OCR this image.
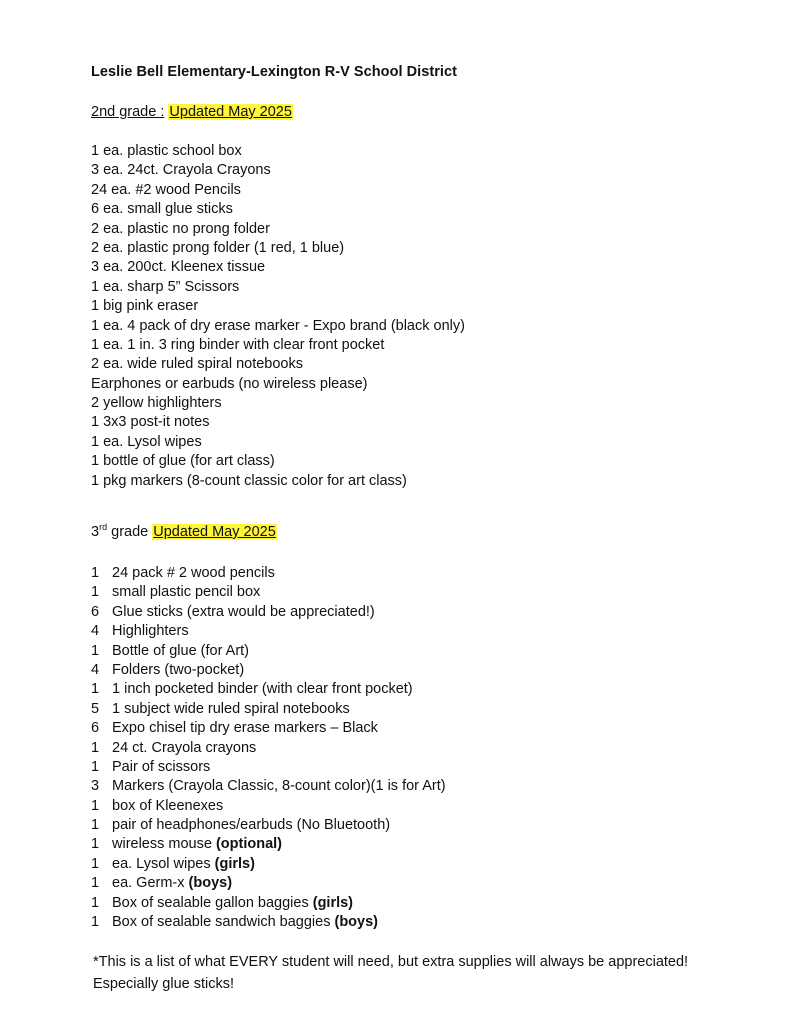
Leslie Bell Elementary-Lexington R-V School District
2nd grade : Updated May 2025
1 ea. plastic school box
3 ea. 24ct. Crayola Crayons
24 ea. #2 wood Pencils
6 ea. small glue sticks
2 ea. plastic no prong folder
2 ea. plastic prong folder (1 red, 1 blue)
3 ea. 200ct. Kleenex tissue
1 ea. sharp 5” Scissors
1 big pink eraser
1 ea. 4 pack of dry erase marker - Expo brand (black only)
1 ea. 1 in. 3 ring binder with clear front pocket
2 ea. wide ruled spiral notebooks
Earphones or earbuds (no wireless please)
2 yellow highlighters
1 3x3 post-it notes
1 ea. Lysol wipes
1 bottle of glue (for art class)
1 pkg markers (8-count classic color for art class)
3rd grade Updated May 2025
1 24 pack # 2 wood pencils
1 small plastic pencil box
6 Glue sticks (extra would be appreciated!)
4 Highlighters
1 Bottle of glue (for Art)
4 Folders (two-pocket)
1 1 inch pocketed binder (with clear front pocket)
5 1 subject wide ruled spiral notebooks
6 Expo chisel tip dry erase markers – Black
1 24 ct. Crayola crayons
1 Pair of scissors
3 Markers (Crayola Classic, 8-count color)(1 is for Art)
1 box of Kleenexes
1 pair of headphones/earbuds (No Bluetooth)
1 wireless mouse (optional)
1 ea. Lysol wipes (girls)
1 ea. Germ-x (boys)
1 Box of sealable gallon baggies (girls)
1 Box of sealable sandwich baggies (boys)
*This is a list of what EVERY student will need, but extra supplies will always be appreciated! Especially glue sticks!
